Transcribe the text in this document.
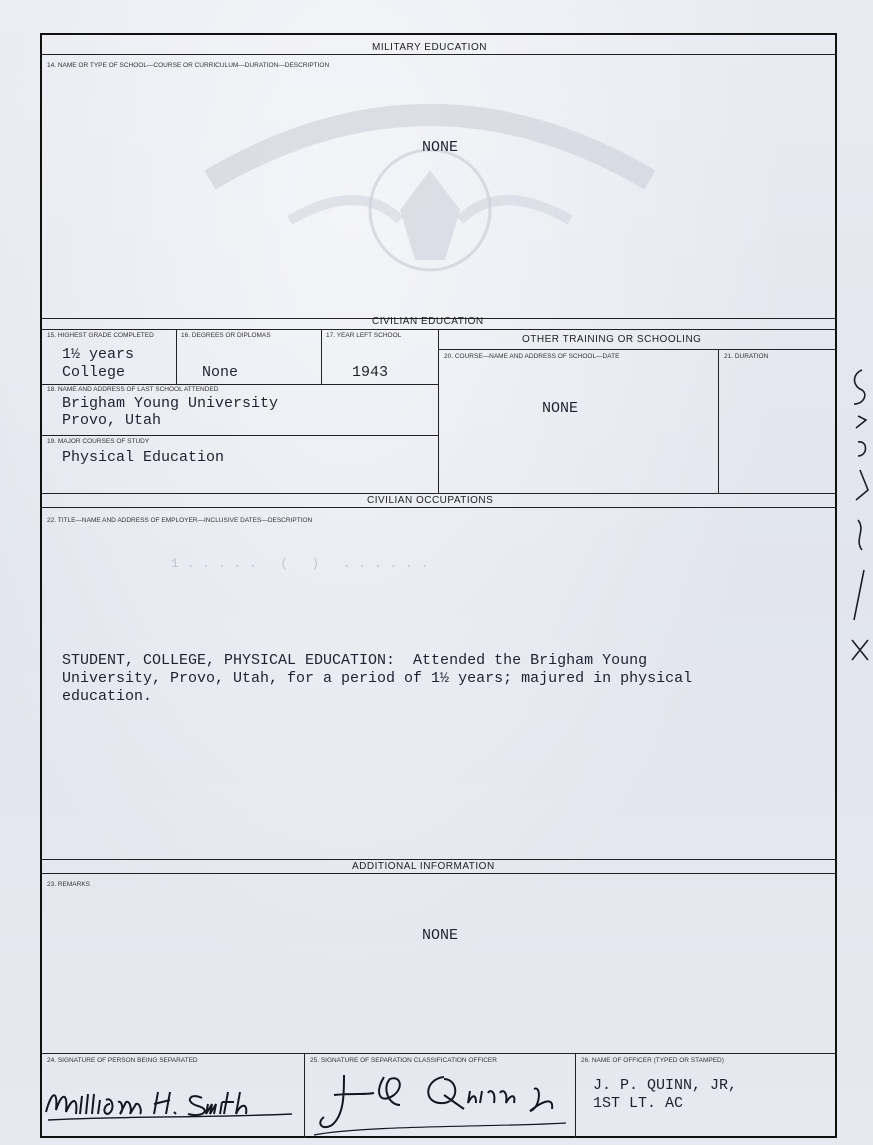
MILITARY EDUCATION
14. NAME OR TYPE OF SCHOOL—COURSE OR CURRICULUM—DURATION—DESCRIPTION
NONE
CIVILIAN EDUCATION
15. HIGHEST GRADE COMPLETED	16. DEGREES OR DIPLOMAS	17. YEAR LEFT SCHOOL
1½ years
College	None	1943
18. NAME AND ADDRESS OF LAST SCHOOL ATTENDED
Brigham Young University
Provo, Utah
19. MAJOR COURSES OF STUDY
Physical Education
OTHER TRAINING OR SCHOOLING
20. COURSE—NAME AND ADDRESS OF SCHOOL—DATE	21. DURATION
NONE
CIVILIAN OCCUPATIONS
22. TITLE—NAME AND ADDRESS OF EMPLOYER—INCLUSIVE DATES—DESCRIPTION
1 . . . . .   (   )   . . . . . .
STUDENT, COLLEGE, PHYSICAL EDUCATION:  Attended the Brigham Young
University, Provo, Utah, for a period of 1½ years; majured in physical
education.
ADDITIONAL INFORMATION
23. REMARKS
NONE
24. SIGNATURE OF PERSON BEING SEPARATED	25. SIGNATURE OF SEPARATION CLASSIFICATION OFFICER	26. NAME OF OFFICER (TYPED OR STAMPED)
J. P. QUINN, JR,
1ST LT. AC
